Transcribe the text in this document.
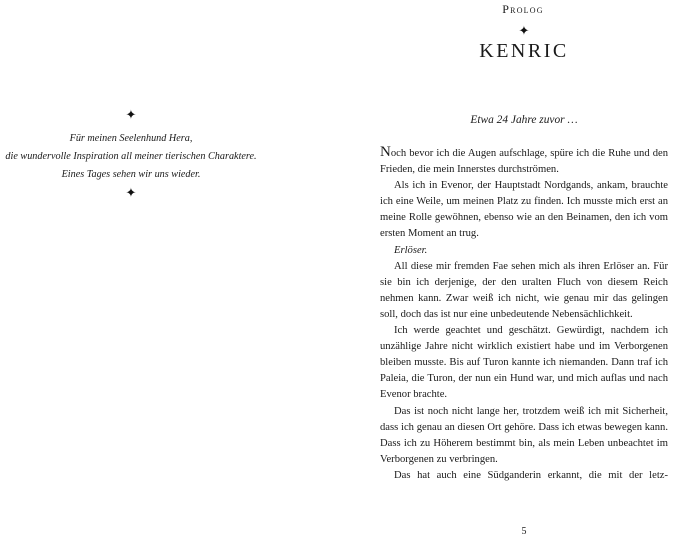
✦
Für meinen Seelenhund Hera,
die wundervolle Inspiration all meiner tierischen Charaktere.
Eines Tages sehen wir uns wieder.
✦
Prolog
✦
KENRIC
Etwa 24 Jahre zuvor …

Noch bevor ich die Augen aufschlage, spüre ich die Ruhe und den Frieden, die mein Innerstes durchströmen.

Als ich in Evenor, der Hauptstadt Nordgands, ankam, brauchte ich eine Weile, um meinen Platz zu finden. Ich musste mich erst an meine Rolle gewöhnen, ebenso wie an den Beinamen, den ich vom ersten Moment an trug.

Erlöser.

All diese mir fremden Fae sehen mich als ihren Erlöser an. Für sie bin ich derjenige, der den uralten Fluch von diesem Reich nehmen kann. Zwar weiß ich nicht, wie genau mir das gelingen soll, doch das ist nur eine unbedeutende Nebensächlichkeit.

Ich werde geachtet und geschätzt. Gewürdigt, nachdem ich unzählige Jahre nicht wirklich existiert habe und im Verborgenen bleiben musste. Bis auf Turon kannte ich niemanden. Dann traf ich Paleia, die Turon, der nun ein Hund war, und mich auflas und nach Evenor brachte.

Das ist noch nicht lange her, trotzdem weiß ich mit Sicherheit, dass ich genau an diesen Ort gehöre. Dass ich etwas bewegen kann. Dass ich zu Höherem bestimmt bin, als mein Leben unbeachtet im Verborgenen zu verbringen.

Das hat auch eine Südganderin erkannt, die mit der letz-

5
